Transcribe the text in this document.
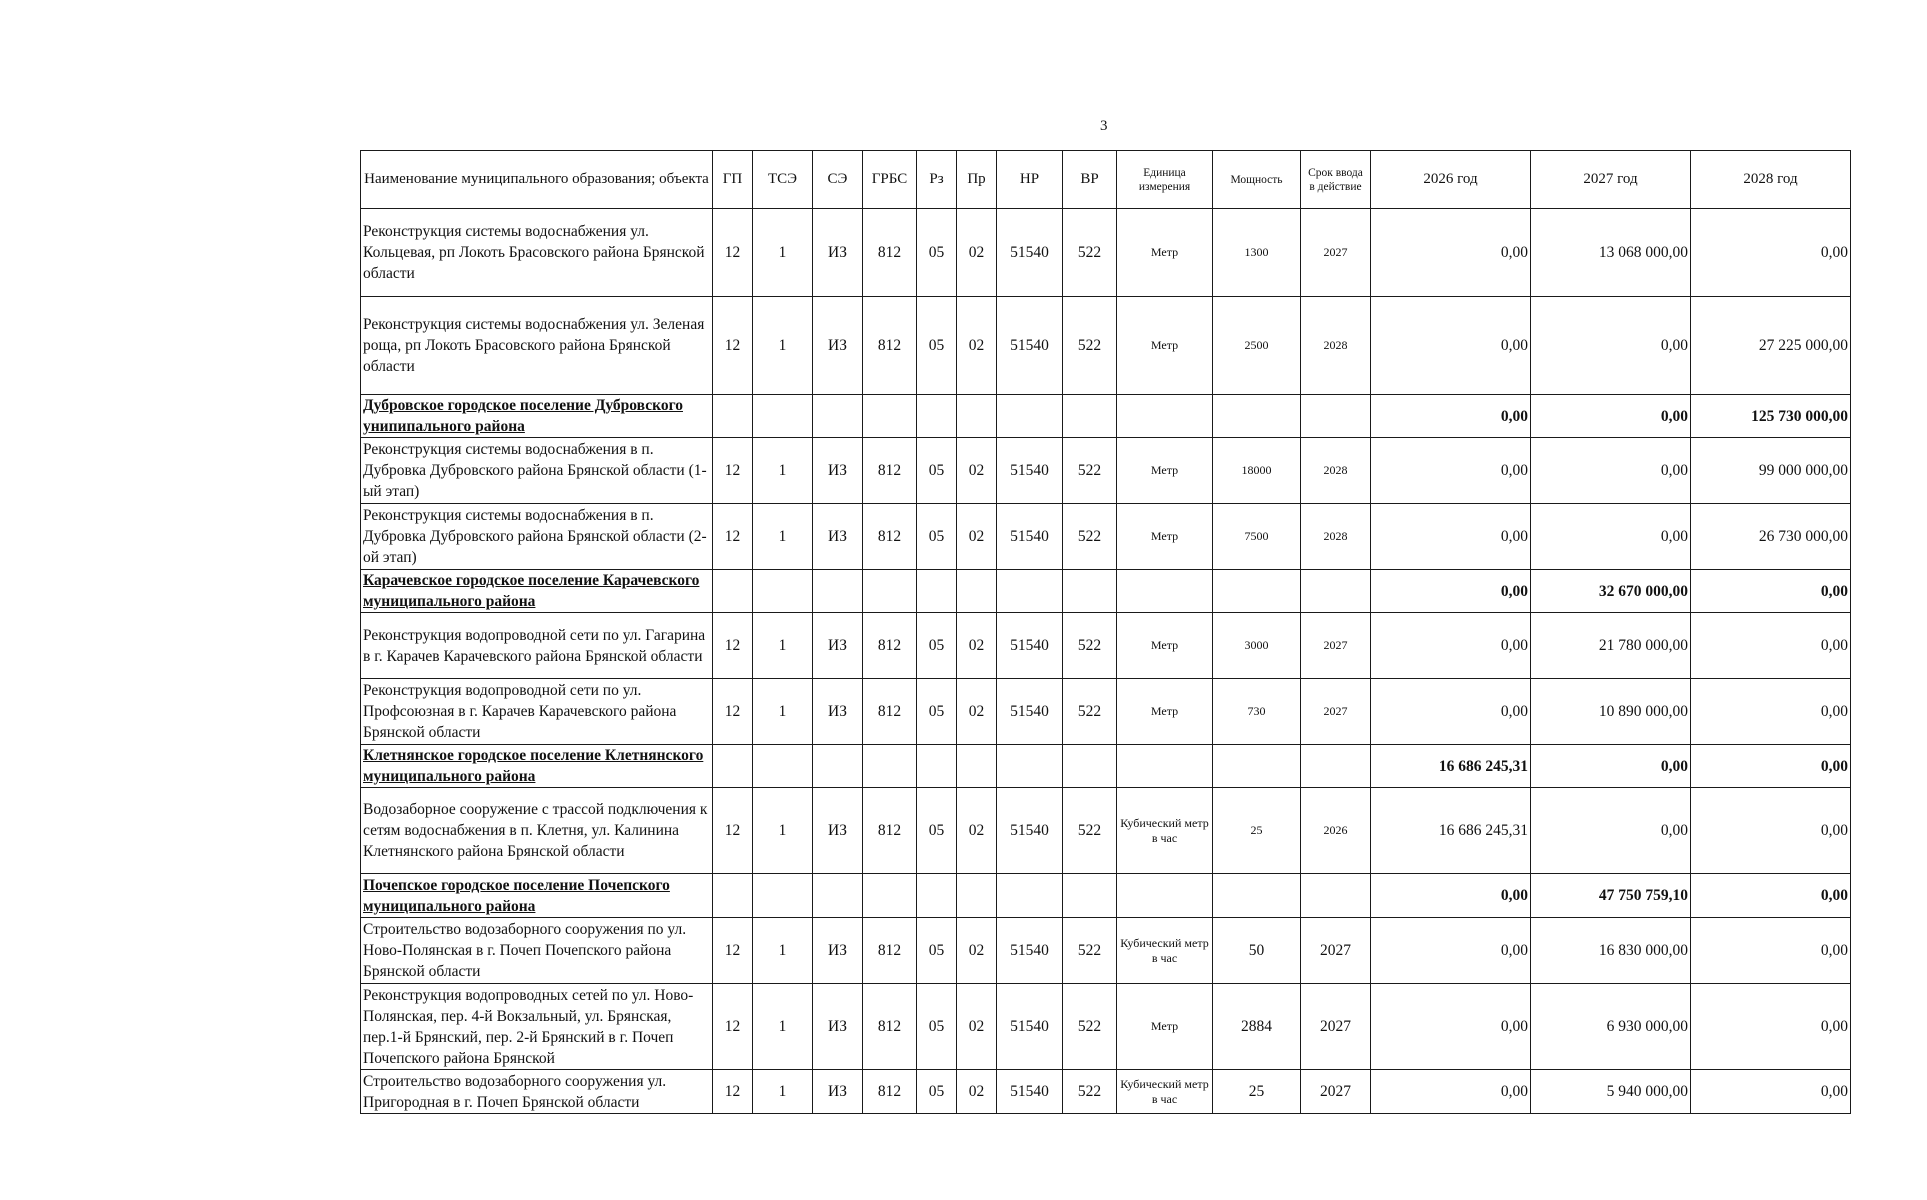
3
Наименование муниципального образования; объекта	ГП	ТСЭ	СЭ	ГРБС	Рз	Пр	НР	ВР	Единица измерения	Мощность	Срок ввода в действие	2026 год	2027 год	2028 год
Реконструкция системы водоснабжения ул. Кольцевая, рп Локоть Брасовского района Брянской области	12	1	ИЗ	812	05	02	51540	522	Метр	1300	2027	0,00	13 068 000,00	0,00
Реконструкция системы водоснабжения ул. Зеленая роща, рп Локоть Брасовского района Брянской области	12	1	ИЗ	812	05	02	51540	522	Метр	2500	2028	0,00	0,00	27 225 000,00
Дубровское городское поселение Дубровского унипипального района												0,00	0,00	125 730 000,00
Реконструкция системы водоснабжения в п. Дубровка Дубровского района Брянской области (1-ый этап)	12	1	ИЗ	812	05	02	51540	522	Метр	18000	2028	0,00	0,00	99 000 000,00
Реконструкция системы водоснабжения в п. Дубровка Дубровского района Брянской области (2-ой этап)	12	1	ИЗ	812	05	02	51540	522	Метр	7500	2028	0,00	0,00	26 730 000,00
Карачевское городское поселение Карачевского муниципального района												0,00	32 670 000,00	0,00
Реконструкция водопроводной сети по ул. Гагарина в г. Карачев Карачевского района Брянской области	12	1	ИЗ	812	05	02	51540	522	Метр	3000	2027	0,00	21 780 000,00	0,00
Реконструкция водопроводной сети по ул. Профсоюзная в г. Карачев Карачевского района Брянской области	12	1	ИЗ	812	05	02	51540	522	Метр	730	2027	0,00	10 890 000,00	0,00
Клетнянское городское поселение Клетнянского муниципального района												16 686 245,31	0,00	0,00
Водозаборное сооружение с трассой подключения к сетям водоснабжения в п. Клетня, ул. Калинина Клетнянского района Брянской области	12	1	ИЗ	812	05	02	51540	522	Кубический метр в час	25	2026	16 686 245,31	0,00	0,00
Почепское городское поселение Почепского муниципального района												0,00	47 750 759,10	0,00
Строительство водозаборного сооружения по ул. Ново-Полянская в г. Почеп Почепского района Брянской области	12	1	ИЗ	812	05	02	51540	522	Кубический метр в час	50	2027	0,00	16 830 000,00	0,00
Реконструкция водопроводных сетей по ул. Ново-Полянская, пер. 4-й Вокзальный, ул. Брянская, пер.1-й Брянский, пер. 2-й Брянский в г. Почеп Почепского района Брянской	12	1	ИЗ	812	05	02	51540	522	Метр	2884	2027	0,00	6 930 000,00	0,00
Строительство водозаборного сооружения ул. Пригородная в г. Почеп Брянской области	12	1	ИЗ	812	05	02	51540	522	Кубический метр в час	25	2027	0,00	5 940 000,00	0,00
